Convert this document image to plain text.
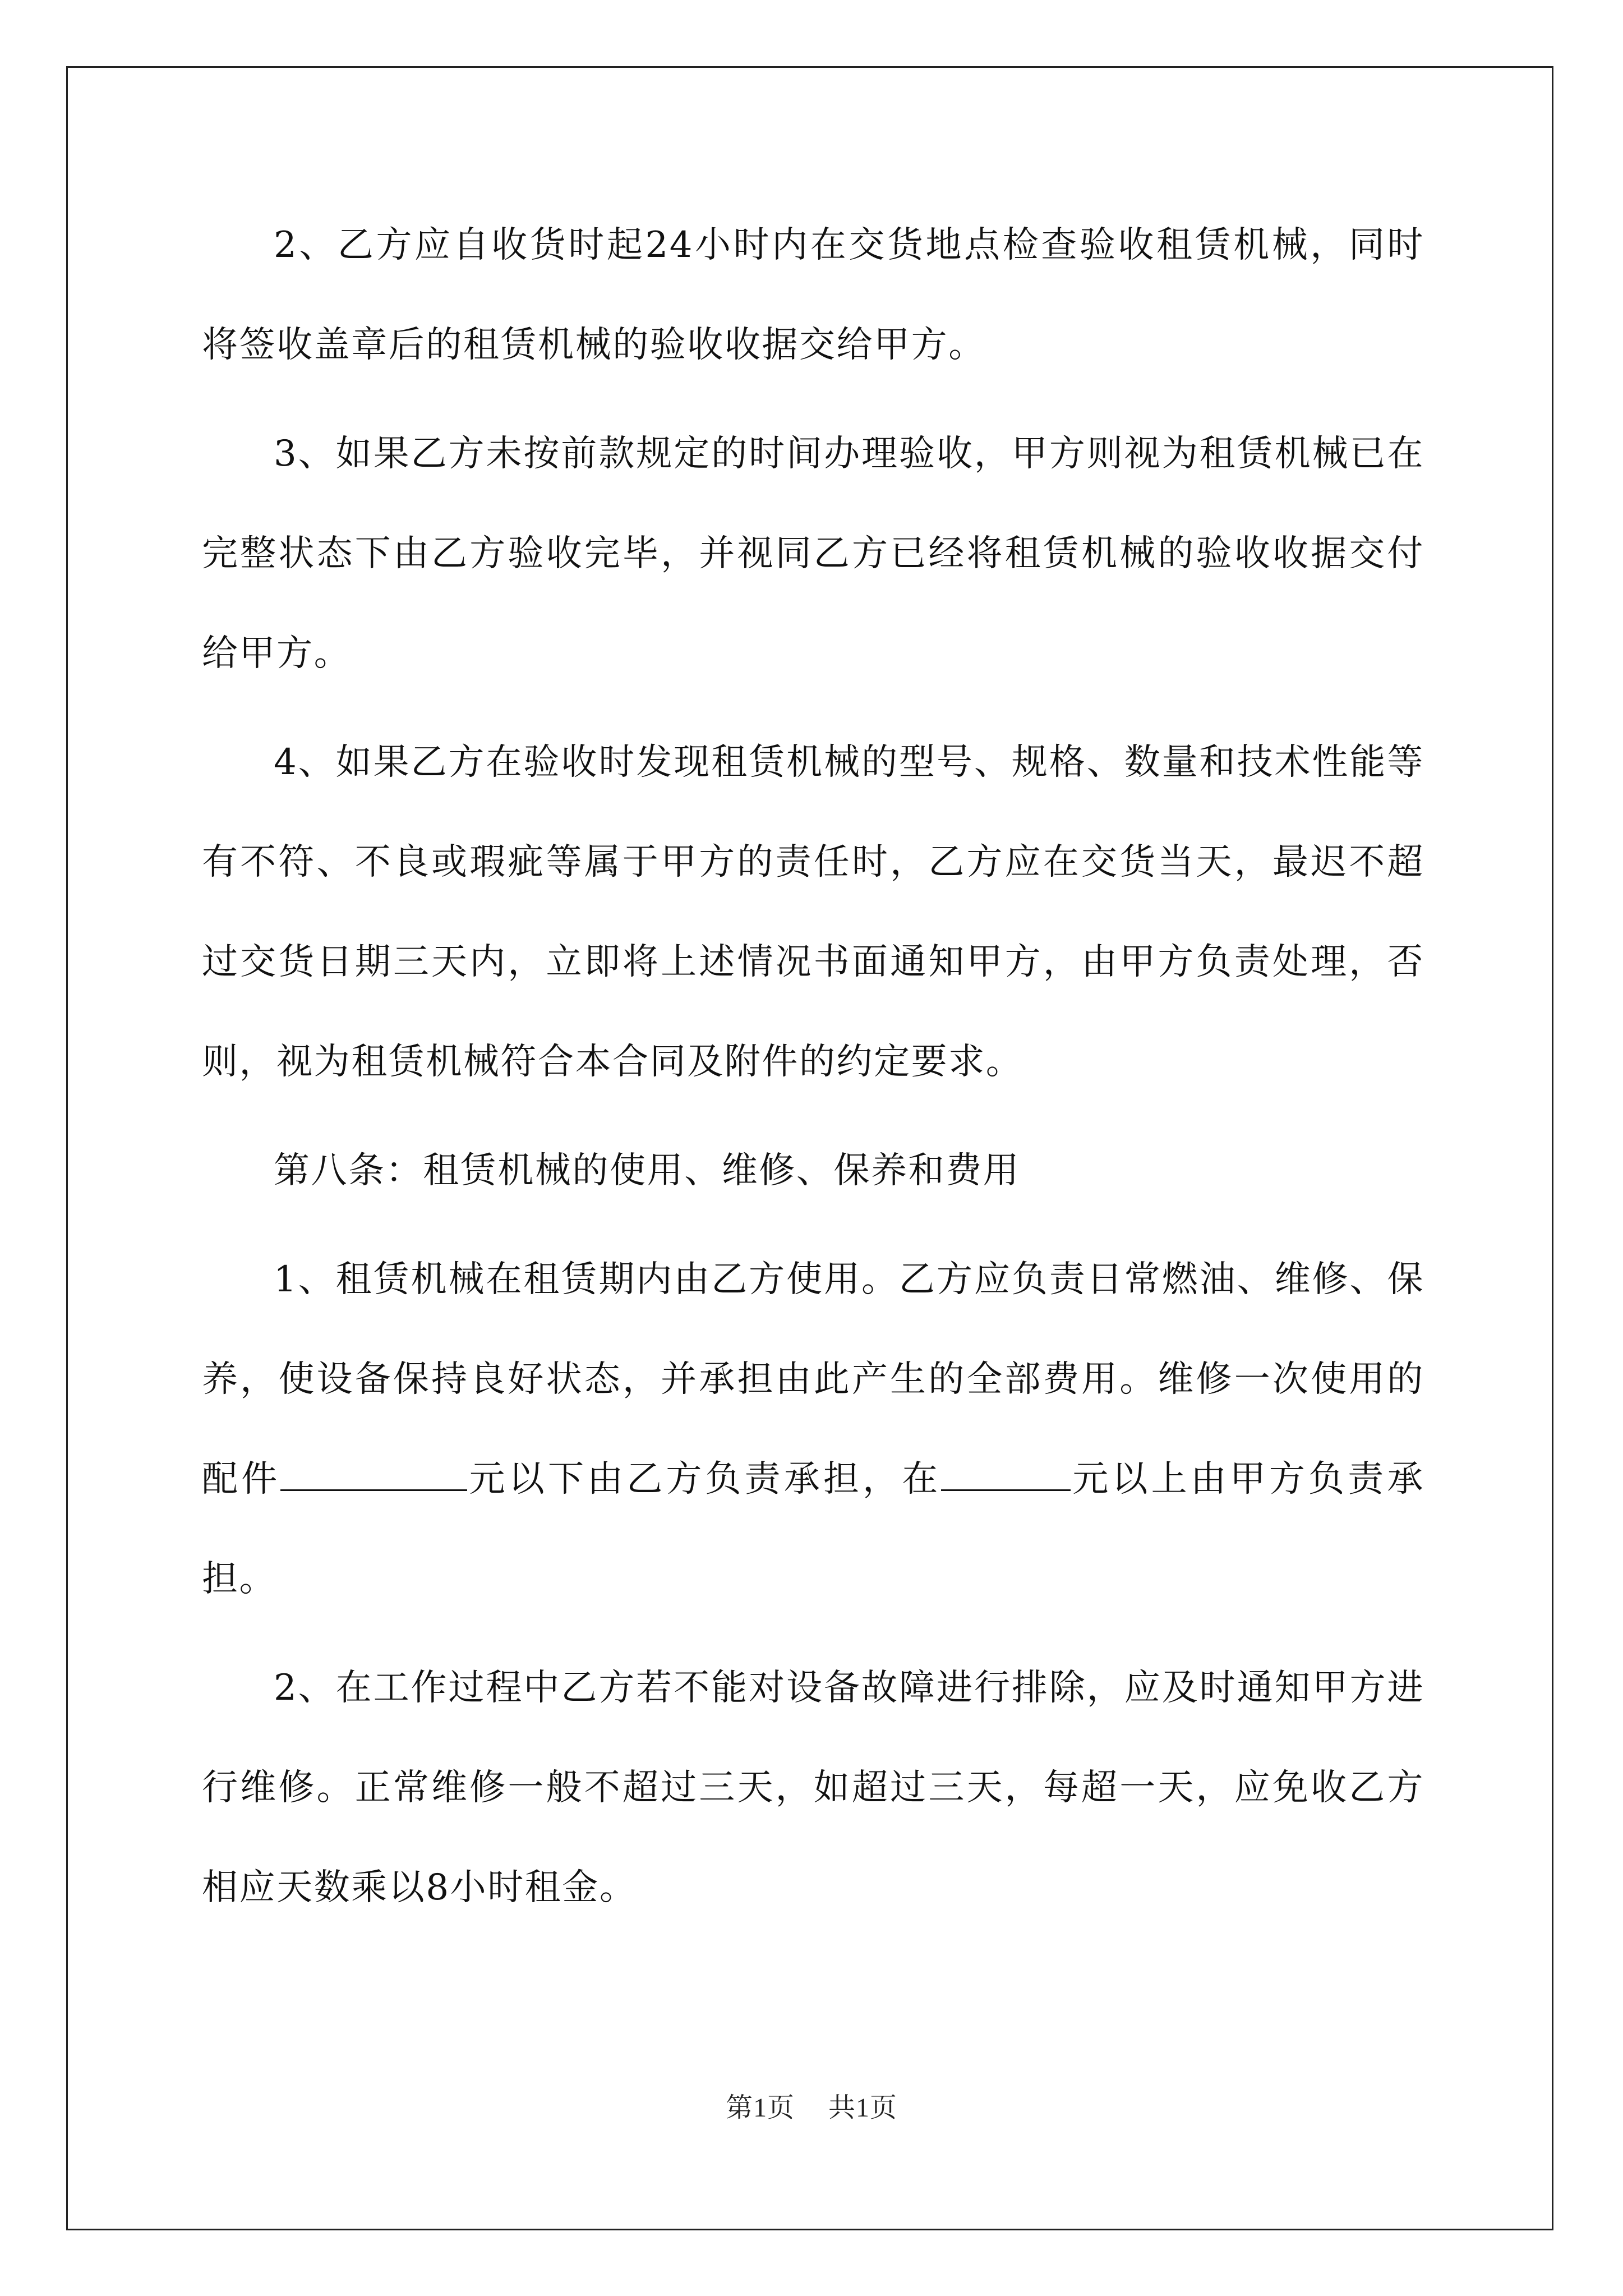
2、乙方应自收货时起24小时内在交货地点检查验收租赁机械，同时将签收盖章后的租赁机械的验收收据交给甲方。

3、如果乙方未按前款规定的时间办理验收，甲方则视为租赁机械已在完整状态下由乙方验收完毕，并视同乙方已经将租赁机械的验收收据交付给甲方。

4、如果乙方在验收时发现租赁机械的型号、规格、数量和技术性能等有不符、不良或瑕疵等属于甲方的责任时，乙方应在交货当天，最迟不超过交货日期三天内，立即将上述情况书面通知甲方，由甲方负责处理，否则，视为租赁机械符合本合同及附件的约定要求。

第八条：租赁机械的使用、维修、保养和费用

1、租赁机械在租赁期内由乙方使用。乙方应负责日常燃油、维修、保养，使设备保持良好状态，并承担由此产生的全部费用。维修一次使用的配件	元以下由乙方负责承担，在	元以上由甲方负责承担。

2、在工作过程中乙方若不能对设备故障进行排除，应及时通知甲方进行维修。正常维修一般不超过三天，如超过三天，每超一天，应免收乙方相应天数乘以8小时租金。

第1页 共1页
